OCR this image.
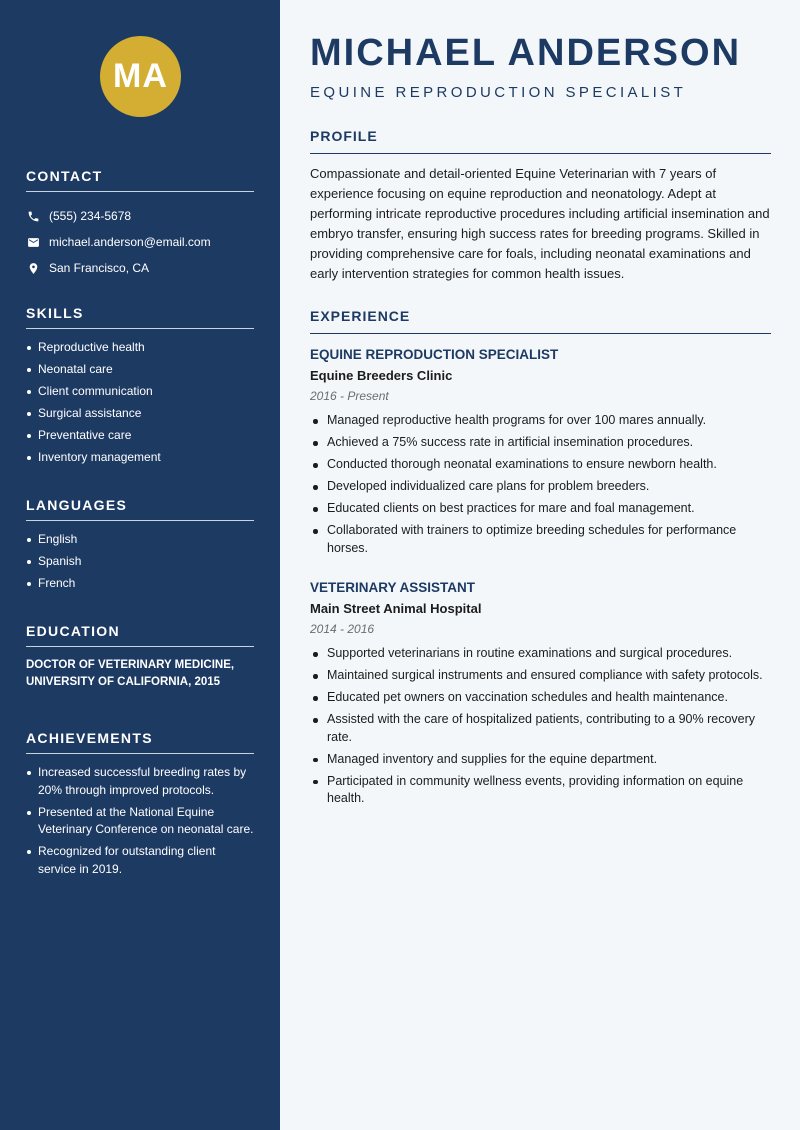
MA
CONTACT
(555) 234-5678
michael.anderson@email.com
San Francisco, CA
SKILLS
Reproductive health
Neonatal care
Client communication
Surgical assistance
Preventative care
Inventory management
LANGUAGES
English
Spanish
French
EDUCATION
DOCTOR OF VETERINARY MEDICINE, UNIVERSITY OF CALIFORNIA, 2015
ACHIEVEMENTS
Increased successful breeding rates by 20% through improved protocols.
Presented at the National Equine Veterinary Conference on neonatal care.
Recognized for outstanding client service in 2019.
MICHAEL ANDERSON
EQUINE REPRODUCTION SPECIALIST
PROFILE
Compassionate and detail-oriented Equine Veterinarian with 7 years of experience focusing on equine reproduction and neonatology. Adept at performing intricate reproductive procedures including artificial insemination and embryo transfer, ensuring high success rates for breeding programs. Skilled in providing comprehensive care for foals, including neonatal examinations and early intervention strategies for common health issues.
EXPERIENCE
EQUINE REPRODUCTION SPECIALIST
Equine Breeders Clinic
2016 - Present
Managed reproductive health programs for over 100 mares annually.
Achieved a 75% success rate in artificial insemination procedures.
Conducted thorough neonatal examinations to ensure newborn health.
Developed individualized care plans for problem breeders.
Educated clients on best practices for mare and foal management.
Collaborated with trainers to optimize breeding schedules for performance horses.
VETERINARY ASSISTANT
Main Street Animal Hospital
2014 - 2016
Supported veterinarians in routine examinations and surgical procedures.
Maintained surgical instruments and ensured compliance with safety protocols.
Educated pet owners on vaccination schedules and health maintenance.
Assisted with the care of hospitalized patients, contributing to a 90% recovery rate.
Managed inventory and supplies for the equine department.
Participated in community wellness events, providing information on equine health.
